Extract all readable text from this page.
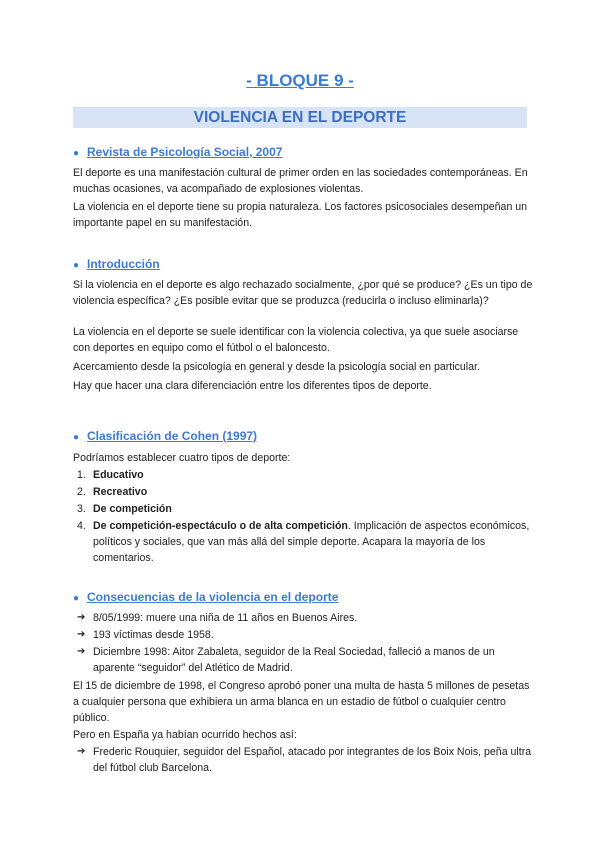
- BLOQUE 9 -
VIOLENCIA EN EL DEPORTE
● Revista de Psicología Social, 2007
El deporte es una manifestación cultural de primer orden en las sociedades contemporáneas. En muchas ocasiones, va acompañado de explosiones violentas.
La violencia en el deporte tiene su propia naturaleza. Los factores psicosociales desempeñan un importante papel en su manifestación.
● Introducción
Si la violencia en el deporte es algo rechazado socialmente, ¿por qué se produce? ¿Es un tipo de violencia específica? ¿Es posible evitar que se produzca (reducirla o incluso eliminarla)?
La violencia en el deporte se suele identificar con la violencia colectiva, ya que suele asociarse con deportes en equipo como el fútbol o el baloncesto.
Acercamiento desde la psicología en general y desde la psicología social en particular.
Hay que hacer una clara diferenciación entre los diferentes tipos de deporte.
● Clasificación de Cohen (1997)
Podríamos establecer cuatro tipos de deporte:
1. Educativo
2. Recreativo
3. De competición
4. De competición-espectáculo o de alta competición. Implicación de aspectos económicos, políticos y sociales, que van más allá del simple deporte. Acapara la mayoría de los comentarios.
● Consecuencias de la violencia en el deporte
➔ 8/05/1999: muere una niña de 11 años en Buenos Aires.
➔ 193 víctimas desde 1958.
➔ Diciembre 1998: Aitor Zabaleta, seguidor de la Real Sociedad, falleció a manos de un aparente “seguidor” del Atlético de Madrid.
El 15 de diciembre de 1998, el Congreso aprobó poner una multa de hasta 5 millones de pesetas a cualquier persona que exhibiera un arma blanca en un estadio de fútbol o cualquier centro público.
Pero en España ya habían ocurrido hechos así:
➔ Frederic Rouquier, seguidor del Español, atacado por integrantes de los Boix Nois, peña ultra del fútbol club Barcelona.
